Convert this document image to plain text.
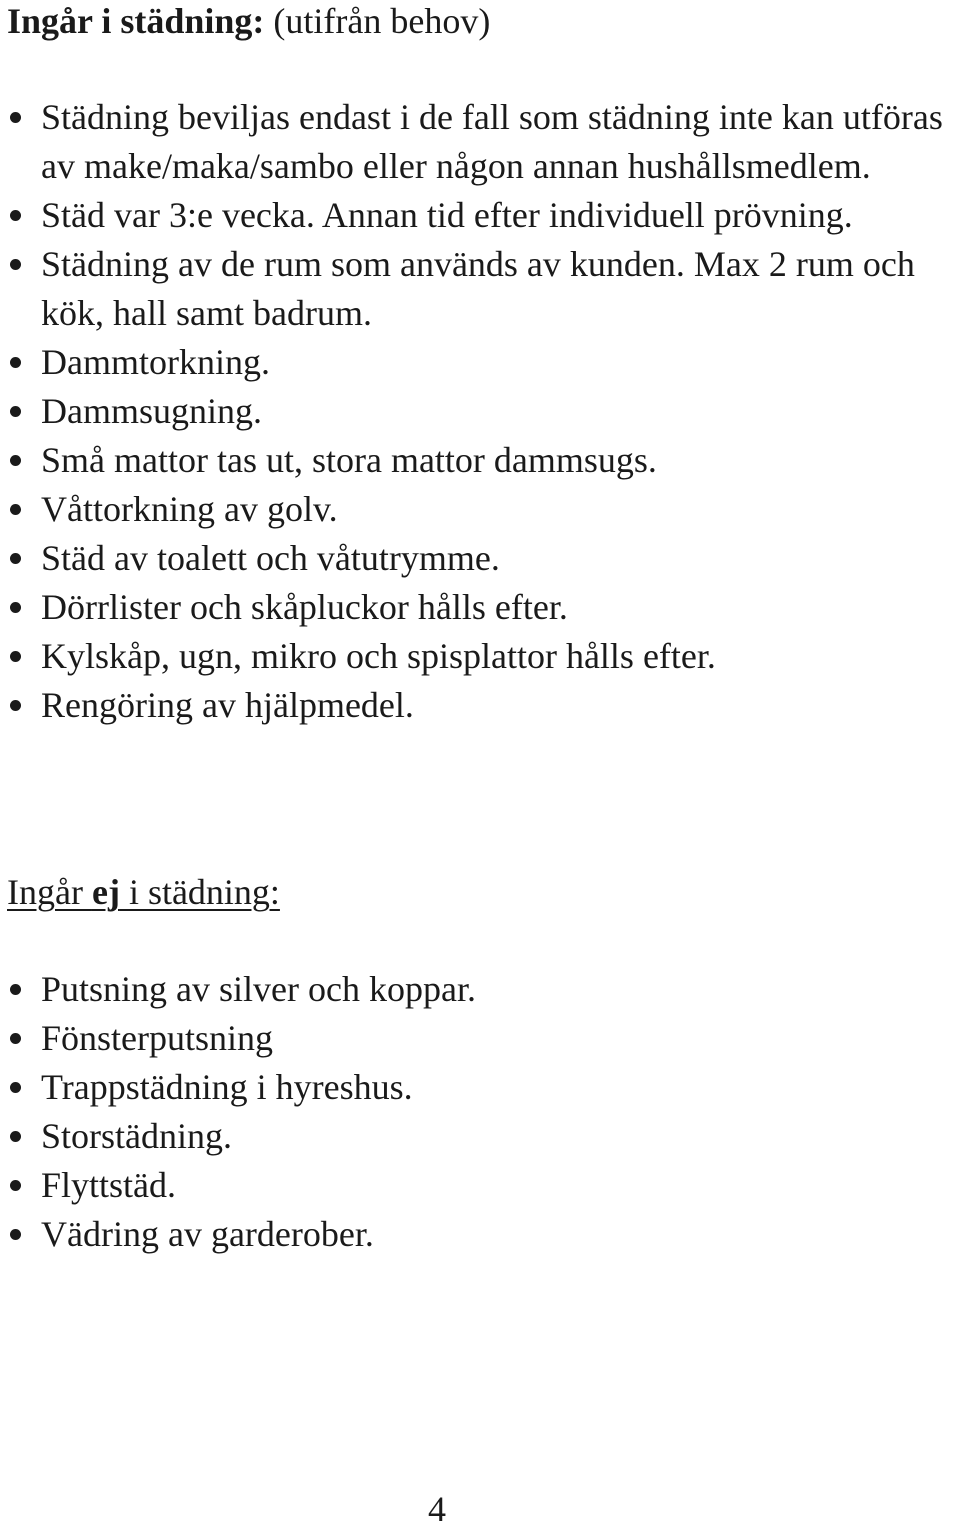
Ingår i städning: (utifrån behov)
Städning beviljas endast i de fall som städning inte kan utföras av make/maka/sambo eller någon annan hushållsmedlem.
Städ var 3:e vecka. Annan tid efter individuell prövning.
Städning av de rum som används av kunden. Max 2 rum och kök, hall samt badrum.
Dammtorkning.
Dammsugning.
Små mattor tas ut, stora mattor dammsugs.
Våttorkning av golv.
Städ av toalett och våtutrymme.
Dörrlister och skåpluckor hålls efter.
Kylskåp, ugn, mikro och spisplattor hålls efter.
Rengöring av hjälpmedel.
Ingår ej i städning:
Putsning av silver och koppar.
Fönsterputsning
Trappstädning i hyreshus.
Storstädning.
Flyttstäd.
Vädring av garderober.
4
